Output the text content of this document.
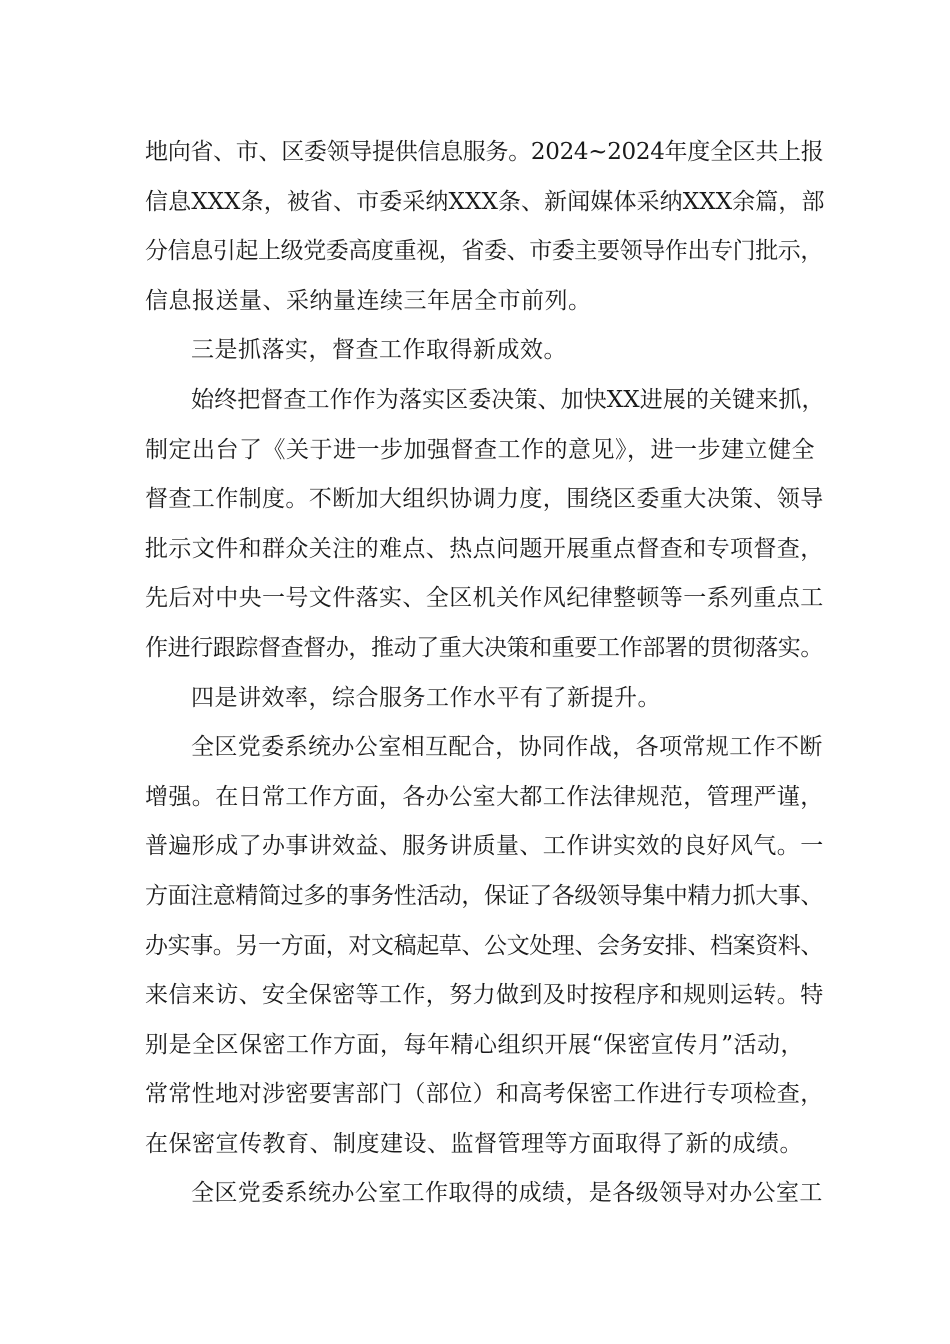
地向省、市、区委领导提供信息服务。2024~2024年度全区共上报
信息XXX条，被省、市委采纳XXX条、新闻媒体采纳XXX余篇，部
分信息引起上级党委高度重视，省委、市委主要领导作出专门批示，
信息报送量、采纳量连续三年居全市前列。
三是抓落实，督查工作取得新成效。
始终把督查工作作为落实区委决策、加快XX进展的关键来抓，
制定出台了《关于进一步加强督查工作的意见》，进一步建立健全
督查工作制度。不断加大组织协调力度，围绕区委重大决策、领导
批示文件和群众关注的难点、热点问题开展重点督查和专项督查，
先后对中央一号文件落实、全区机关作风纪律整顿等一系列重点工
作进行跟踪督查督办，推动了重大决策和重要工作部署的贯彻落实。
四是讲效率，综合服务工作水平有了新提升。
全区党委系统办公室相互配合，协同作战，各项常规工作不断
增强。在日常工作方面，各办公室大都工作法律规范，管理严谨，
普遍形成了办事讲效益、服务讲质量、工作讲实效的良好风气。一
方面注意精简过多的事务性活动，保证了各级领导集中精力抓大事、
办实事。另一方面，对文稿起草、公文处理、会务安排、档案资料、
来信来访、安全保密等工作，努力做到及时按程序和规则运转。特
别是全区保密工作方面，每年精心组织开展“保密宣传月”活动，
常常性地对涉密要害部门（部位）和高考保密工作进行专项检查，
在保密宣传教育、制度建设、监督管理等方面取得了新的成绩。
全区党委系统办公室工作取得的成绩，是各级领导对办公室工
